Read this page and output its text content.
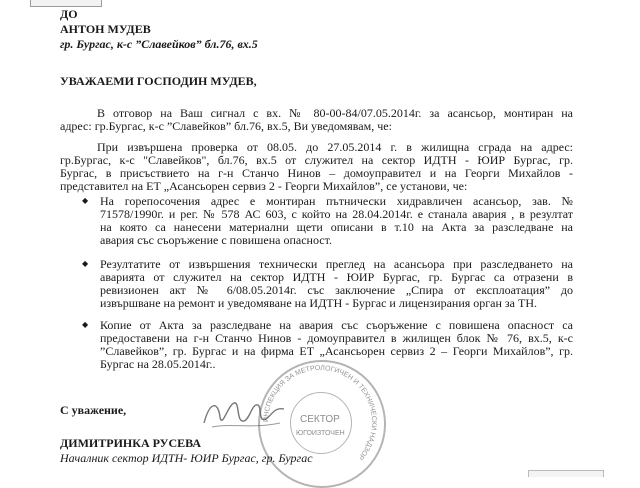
ДО
АНТОН МУДЕВ
гр. Бургас, к-с ”Славейков” бл.76, вх.5
УВАЖАЕМИ ГОСПОДИН МУДЕВ,
В отговор на Ваш сигнал с вх. № 80-00-84/07.05.2014г. за асансьор, монтиран на
адрес: гр.Бургас, к-с ”Славейков” бл.76, вх.5, Ви уведомявам, че:
При извършена проверка от 08.05. до 27.05.2014 г. в жилищна сграда на адрес:
гр.Бургас, к-с "Славейков", бл.76, вх.5 от служител на сектор ИДТН - ЮИР Бургас, гр.
Бургас, в присъствието на г-н Станчо Нинов – домоуправител и на Георги Михайлов -
представител на ЕТ „Асансьорен сервиз 2 - Георги Михайлов”, се установи, че:
◆ На горепосочения адрес е монтиран пътнически хидравличен асансьор, зав. №
71578/1990г. и рег. № 578 АС 603, с който на 28.04.2014г. е станала авария , в резултат
на която са нанесени материални щети описани в т.10 на Акта за разследване на
авария със съоръжение с повишена опасност.
◆ Резултатите от извършения технически преглед на асансьора при разследването на
аварията от служител на сектор ИДТН - ЮИР Бургас, гр. Бургас са отразени в
ревизионен акт № 6/08.05.2014г. със заключение „Спира от експлоатация” до
извършване на ремонт и уведомяване на ИДТН - Бургас и лицензирания орган за ТН.
◆ Копие от Акта за разследване на авария със съоръжение с повишена опасност са
предоставени на г-н Станчо Нинов - домоуправител в жилищен блок № 76, вх.5, к-с
”Славейков”, гр. Бургас и на фирма ЕТ „Асансьорен сервиз 2 – Георги Михайлов”, гр.
Бургас на 28.05.2014г..
С уважение,
ИНСПЕКЦИЯ ЗА МЕТРОЛОГИЧЕН И ТЕХНИЧЕСКИ НАДЗОР
СЕКТОР
ЮГОИЗТОЧЕН
ДИМИТРИНКА РУСЕВА
Началник сектор ИДТН- ЮИР Бургас, гр. Бургас
